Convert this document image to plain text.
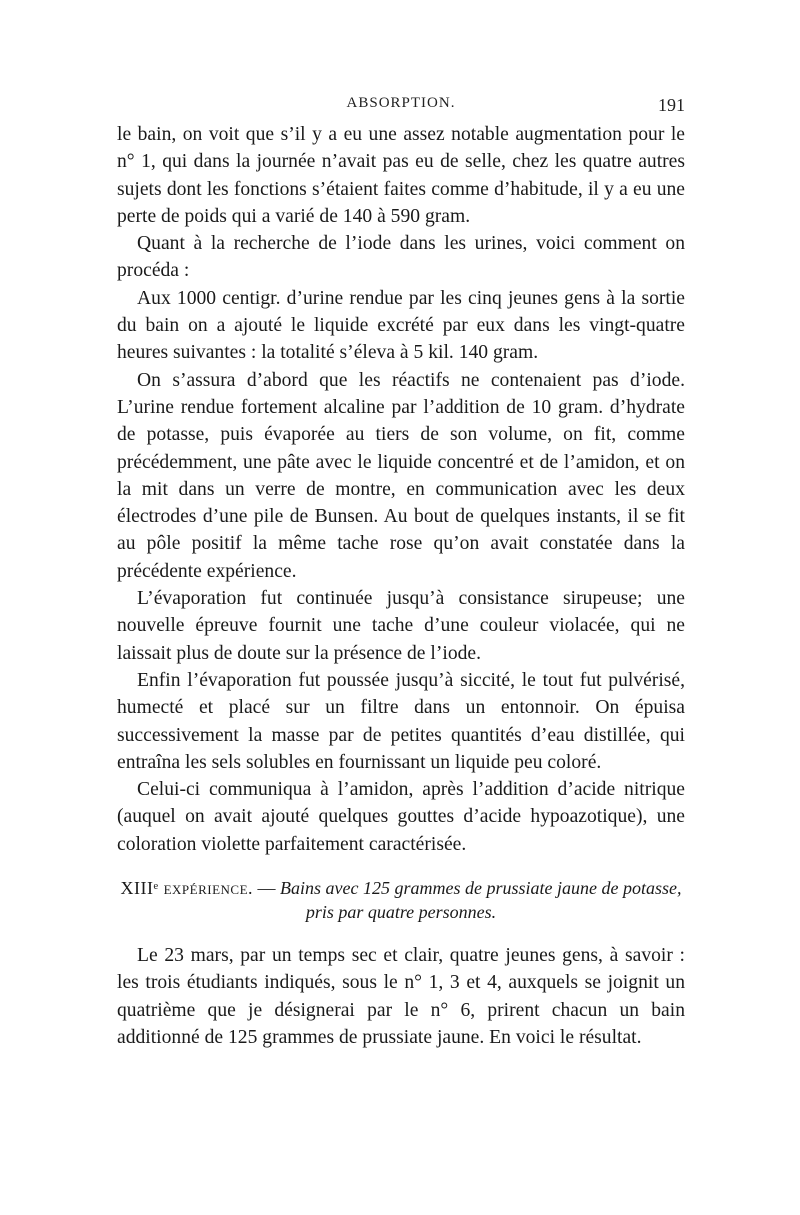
ABSORPTION.	191

le bain, on voit que s’il y a eu une assez notable augmentation pour le n° 1, qui dans la journée n’avait pas eu de selle, chez les quatre autres sujets dont les fonctions s’étaient faites comme d’habitude, il y a eu une perte de poids qui a varié de 140 à 590 gram.

Quant à la recherche de l’iode dans les urines, voici comment on procéda :

Aux 1000 centigr. d’urine rendue par les cinq jeunes gens à la sortie du bain on a ajouté le liquide excrété par eux dans les vingt-quatre heures suivantes : la totalité s’éleva à 5 kil. 140 gram.

On s’assura d’abord que les réactifs ne contenaient pas d’iode. L’urine rendue fortement alcaline par l’addition de 10 gram. d’hydrate de potasse, puis évaporée au tiers de son volume, on fit, comme précédemment, une pâte avec le liquide concentré et de l’amidon, et on la mit dans un verre de montre, en communication avec les deux électrodes d’une pile de Bunsen. Au bout de quelques instants, il se fit au pôle positif la même tache rose qu’on avait constatée dans la précédente expérience.

L’évaporation fut continuée jusqu’à consistance sirupeuse; une nouvelle épreuve fournit une tache d’une couleur violacée, qui ne laissait plus de doute sur la présence de l’iode.

Enfin l’évaporation fut poussée jusqu’à siccité, le tout fut pulvérisé, humecté et placé sur un filtre dans un entonnoir. On épuisa successivement la masse par de petites quantités d’eau distillée, qui entraîna les sels solubles en fournissant un liquide peu coloré.

Celui-ci communiqua à l’amidon, après l’addition d’acide nitrique (auquel on avait ajouté quelques gouttes d’acide hypoazotique), une coloration violette parfaitement caractérisée.

XIIIᵉ expérience. — Bains avec 125 grammes de prussiate jaune de potasse, pris par quatre personnes.

Le 23 mars, par un temps sec et clair, quatre jeunes gens, à savoir : les trois étudiants indiqués, sous le n° 1, 3 et 4, auxquels se joignit un quatrième que je désignerai par le n° 6, prirent chacun un bain additionné de 125 grammes de prussiate jaune. En voici le résultat.
